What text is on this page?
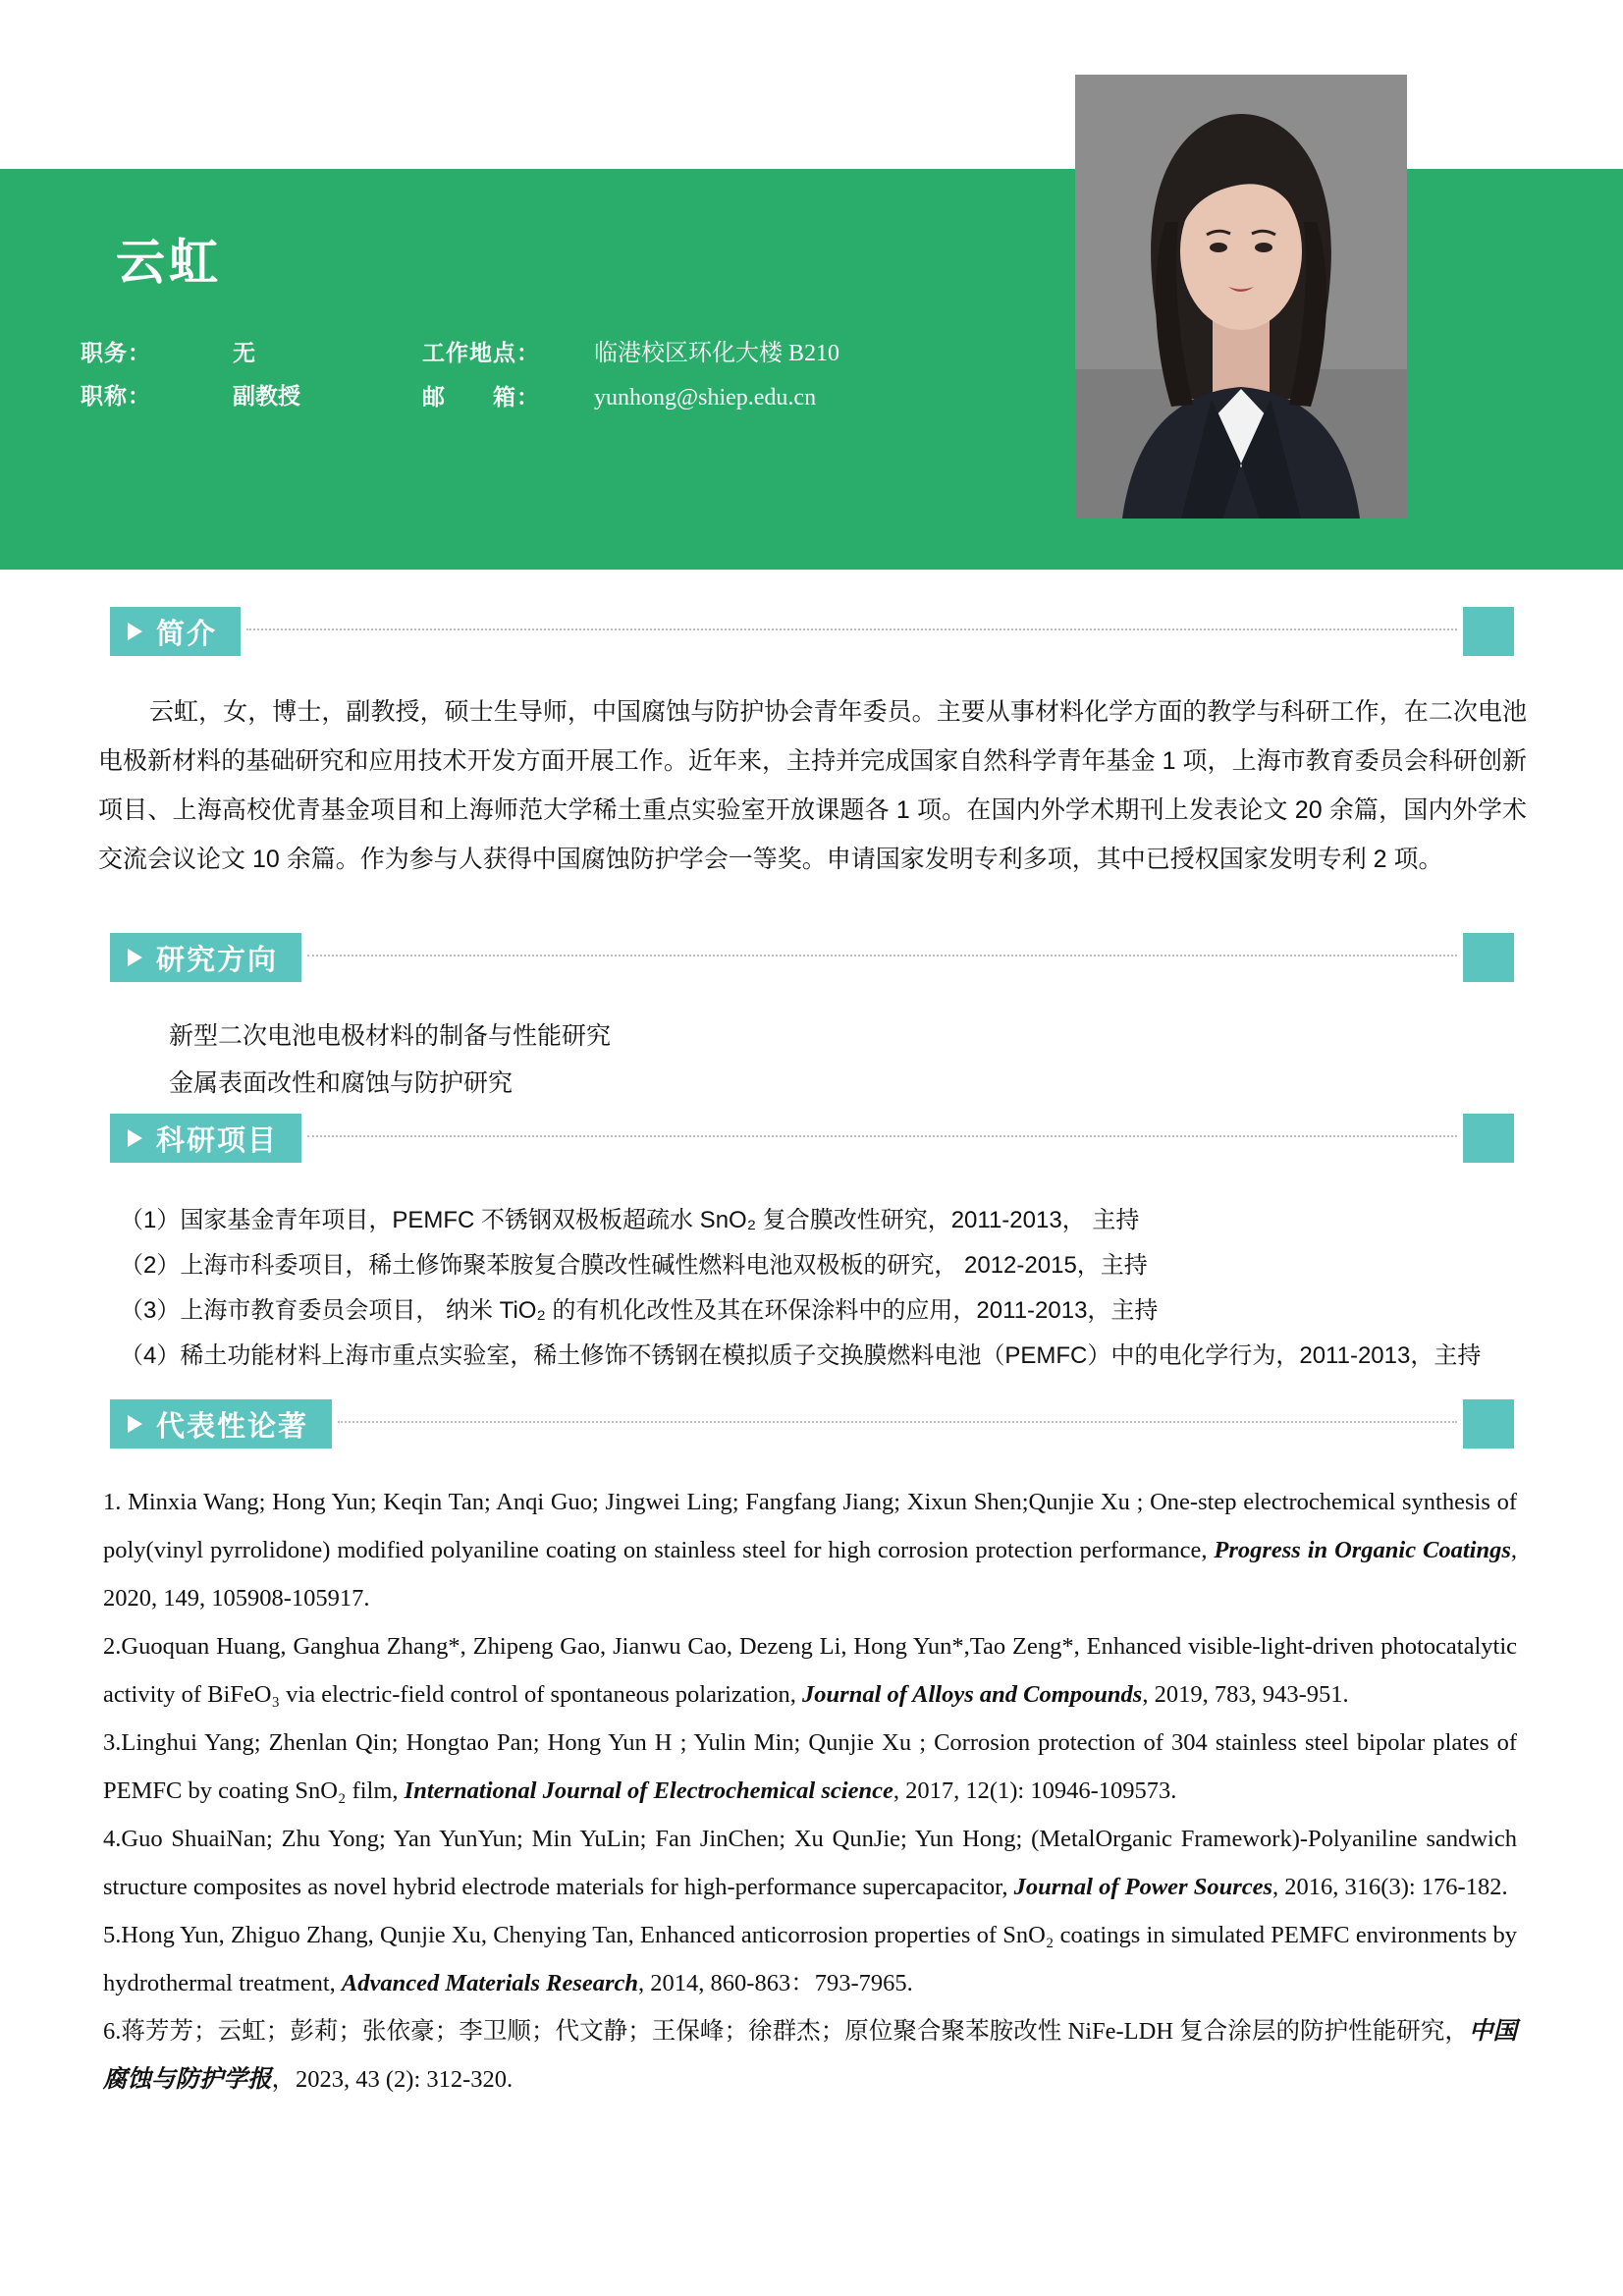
云虹
职务：	无
职称：	副教授
工作地点：	临港校区环化大楼 B210
邮　　箱：	yunhong@shiep.edu.cn
简介
云虹，女，博士，副教授，硕士生导师，中国腐蚀与防护协会青年委员。主要从事材料化学方面的教学与科研工作，在二次电池电极新材料的基础研究和应用技术开发方面开展工作。近年来，主持并完成国家自然科学青年基金 1 项，上海市教育委员会科研创新项目、上海高校优青基金项目和上海师范大学稀土重点实验室开放课题各 1 项。在国内外学术期刊上发表论文 20 余篇，国内外学术交流会议论文 10 余篇。作为参与人获得中国腐蚀防护学会一等奖。申请国家发明专利多项，其中已授权国家发明专利 2 项。
研究方向
新型二次电池电极材料的制备与性能研究
金属表面改性和腐蚀与防护研究
科研项目
（1）国家基金青年项目，PEMFC 不锈钢双极板超疏水 SnO₂ 复合膜改性研究，2011-2013， 主持
（2）上海市科委项目，稀土修饰聚苯胺复合膜改性碱性燃料电池双极板的研究， 2012-2015，主持
（3）上海市教育委员会项目， 纳米 TiO₂ 的有机化改性及其在环保涂料中的应用，2011-2013，主持
（4）稀土功能材料上海市重点实验室，稀土修饰不锈钢在模拟质子交换膜燃料电池（PEMFC）中的电化学行为，2011-2013，主持
代表性论著

1. Minxia Wang; Hong Yun; Keqin Tan; Anqi Guo; Jingwei Ling; Fangfang Jiang; Xixun Shen;Qunjie Xu ; One-step electrochemical synthesis of poly(vinyl pyrrolidone) modified polyaniline coating on stainless steel for high corrosion protection performance, Progress in Organic Coatings, 2020, 149, 105908-105917.

2.Guoquan Huang, Ganghua Zhang*, Zhipeng Gao, Jianwu Cao, Dezeng Li, Hong Yun*,Tao Zeng*, Enhanced visible-light-driven photocatalytic activity of BiFeO₃ via electric-field control of spontaneous polarization, Journal of Alloys and Compounds, 2019, 783, 943-951.

3.Linghui Yang; Zhenlan Qin; Hongtao Pan; Hong Yun H ; Yulin Min; Qunjie Xu ; Corrosion protection of 304 stainless steel bipolar plates of PEMFC by coating SnO₂ film, International Journal of Electrochemical science, 2017, 12(1): 10946-109573.

4.Guo ShuaiNan; Zhu Yong; Yan YunYun; Min YuLin; Fan JinChen; Xu QunJie; Yun Hong; (MetalOrganic Framework)-Polyaniline sandwich structure composites as novel hybrid electrode materials for high-performance supercapacitor, Journal of Power Sources, 2016, 316(3): 176-182.

5.Hong Yun, Zhiguo Zhang, Qunjie Xu, Chenying Tan, Enhanced anticorrosion properties of SnO₂ coatings in simulated PEMFC environments by hydrothermal treatment, Advanced Materials Research, 2014, 860-863：793-7965.

6.蒋芳芳；云虹；彭莉；张依豪；李卫顺；代文静；王保峰；徐群杰；原位聚合聚苯胺改性 NiFe-LDH 复合涂层的防护性能研究，中国腐蚀与防护学报，2023, 43 (2): 312-320.
